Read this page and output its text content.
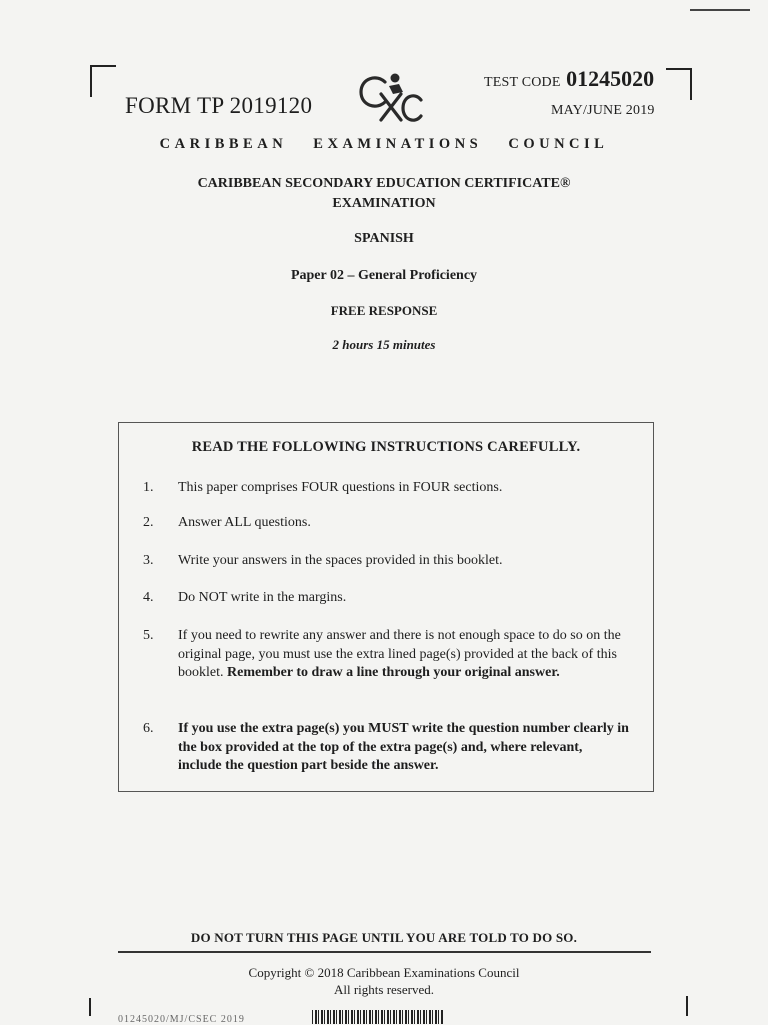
FORM TP 2019120
TEST CODE 01245020
MAY/JUNE 2019
CARIBBEAN EXAMINATIONS COUNCIL
CARIBBEAN SECONDARY EDUCATION CERTIFICATE®
EXAMINATION
SPANISH
Paper 02 – General Proficiency
FREE RESPONSE
2 hours 15 minutes
READ THE FOLLOWING INSTRUCTIONS CAREFULLY.
1. This paper comprises FOUR questions in FOUR sections.
2. Answer ALL questions.
3. Write your answers in the spaces provided in this booklet.
4. Do NOT write in the margins.
5. If you need to rewrite any answer and there is not enough space to do so on the original page, you must use the extra lined page(s) provided at the back of this booklet. Remember to draw a line through your original answer.
6. If you use the extra page(s) you MUST write the question number clearly in the box provided at the top of the extra page(s) and, where relevant, include the question part beside the answer.
DO NOT TURN THIS PAGE UNTIL YOU ARE TOLD TO DO SO.
Copyright © 2018 Caribbean Examinations Council
All rights reserved.
01245020/MJ/CSEC 2019
